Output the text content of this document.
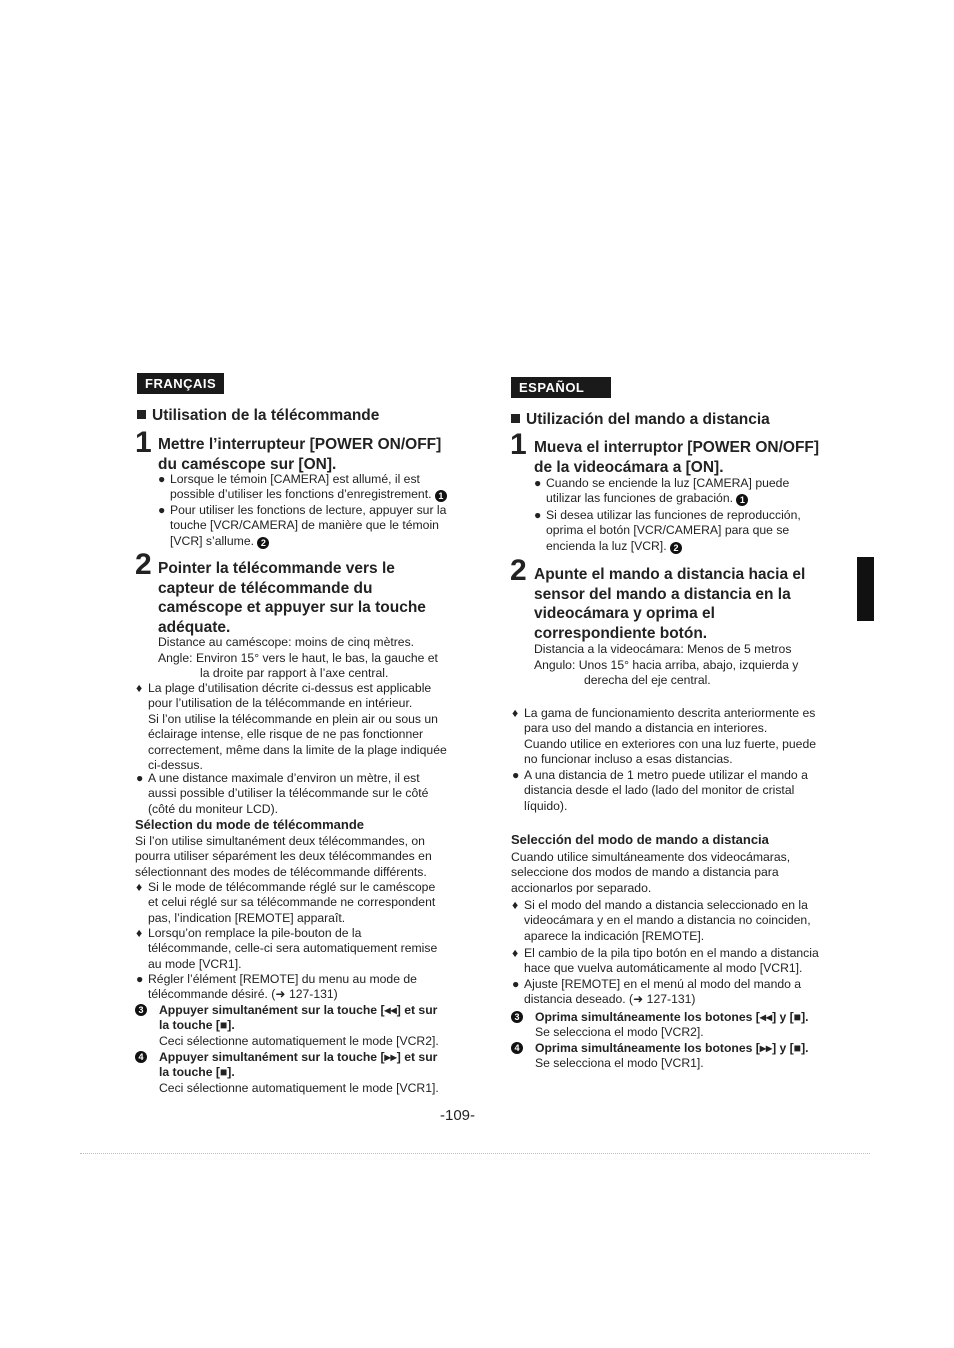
FRANÇAIS
Utilisation de la télécommande
1 Mettre l’interrupteur [POWER ON/OFF]
du caméscope sur [ON].
● Lorsque le témoin [CAMERA] est allumé, il est
possible d’utiliser les fonctions d’enregistrement. 1
● Pour utiliser les fonctions de lecture, appuyer sur la
touche [VCR/CAMERA] de manière que le témoin
[VCR] s’allume. 2
2 Pointer la télécommande vers le
capteur de télécommande du
caméscope et appuyer sur la touche
adéquate.
Distance au caméscope: moins de cinq mètres.
Angle: Environ 15° vers le haut, le bas, la gauche et
la droite par rapport à l’axe central.
♦ La plage d’utilisation décrite ci-dessus est applicable
pour l’utilisation de la télécommande en intérieur.
Si l’on utilise la télécommande en plein air ou sous un
éclairage intense, elle risque de ne pas fonctionner
correctement, même dans la limite de la plage indiquée
ci-dessus.
● A une distance maximale d’environ un mètre, il est
aussi possible d’utiliser la télécommande sur le côté
(côté du moniteur LCD).
Sélection du mode de télécommande
Si l’on utilise simultanément deux télécommandes, on
pourra utiliser séparément les deux télécommandes en
sélectionnant des modes de télécommande différents.
♦ Si le mode de télécommande réglé sur le caméscope
et celui réglé sur sa télécommande ne correspondent
pas, l’indication [REMOTE] apparaît.
♦ Lorsqu’on remplace la pile-bouton de la
télécommande, celle-ci sera automatiquement remise
au mode [VCR1].
● Régler l’élément [REMOTE] du menu au mode de
télécommande désiré. (➜ 127-131)
3 Appuyer simultanément sur la touche [◂◂] et sur
la touche [■].
Ceci sélectionne automatiquement le mode [VCR2].
4 Appuyer simultanément sur la touche [▸▸] et sur
la touche [■].
Ceci sélectionne automatiquement le mode [VCR1].
ESPAÑOL
Utilización del mando a distancia
1 Mueva el interruptor [POWER ON/OFF]
de la videocámara a [ON].
● Cuando se enciende la luz [CAMERA] puede
utilizar las funciones de grabación. 1
● Si desea utilizar las funciones de reproducción,
oprima el botón [VCR/CAMERA] para que se
encienda la luz [VCR]. 2
2 Apunte el mando a distancia hacia el
sensor del mando a distancia en la
videocámara y oprima el
correspondiente botón.
Distancia a la videocámara: Menos de 5 metros
Angulo: Unos 15° hacia arriba, abajo, izquierda y
derecha del eje central.
♦ La gama de funcionamiento descrita anteriormente es
para uso del mando a distancia en interiores.
Cuando utilice en exteriores con una luz fuerte, puede
no funcionar incluso a esas distancias.
● A una distancia de 1 metro puede utilizar el mando a
distancia desde el lado (lado del monitor de cristal
líquido).
Selección del modo de mando a distancia
Cuando utilice simultáneamente dos videocámaras,
seleccione dos modos de mando a distancia para
accionarlos por separado.
♦ Si el modo del mando a distancia seleccionado en la
videocámara y en el mando a distancia no coinciden,
aparece la indicación [REMOTE].
♦ El cambio de la pila tipo botón en el mando a distancia
hace que vuelva automáticamente al modo [VCR1].
● Ajuste [REMOTE] en el menú al modo del mando a
distancia deseado. (➜ 127-131)
3 Oprima simultáneamente los botones [◂◂] y [■].
Se selecciona el modo [VCR2].
4 Oprima simultáneamente los botones [▸▸] y [■].
Se selecciona el modo [VCR1].
-109-
